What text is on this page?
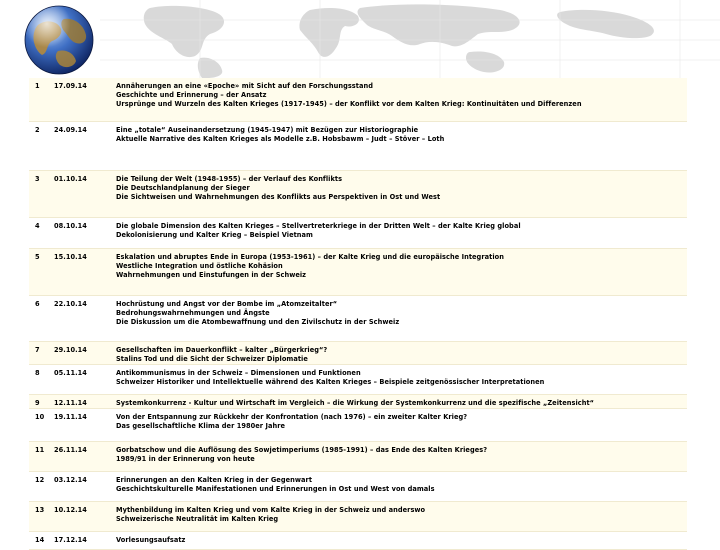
1	17.09.14	Annäherungen an eine «Epoche» mit Sicht auf den Forschungsstand
Geschichte und Erinnerung – der Ansatz
Ursprünge und Wurzeln des Kalten Krieges (1917-1945) – der Konflikt vor dem Kalten Krieg: Kontinuitäten und Differenzen

2	24.09.14	Eine „totale“ Auseinandersetzung (1945-1947) mit Bezügen zur Historiographie
Aktuelle Narrative des Kalten Krieges als Modelle z.B. Hobsbawm – Judt – Stöver – Loth

3	01.10.14	Die Teilung der Welt (1948-1955) – der Verlauf des Konflikts
Die Deutschlandplanung der Sieger
Die Sichtweisen und Wahrnehmungen des Konflikts aus Perspektiven in Ost und West

4	08.10.14	Die globale Dimension des Kalten Krieges – Stellvertreterkriege in der Dritten Welt – der Kalte Krieg global
Dekolonisierung und Kalter Krieg – Beispiel Vietnam

5	15.10.14	Eskalation und abruptes Ende in Europa (1953-1961) – der Kalte Krieg und die europäische Integration
Westliche Integration und östliche Kohäsion
Wahrnehmungen und Einstufungen in der Schweiz

6	22.10.14	Hochrüstung und Angst vor der Bombe im „Atomzeitalter“
Bedrohungswahrnehmungen und Ängste
Die Diskussion um die Atombewaffnung und den Zivilschutz in der Schweiz

7	29.10.14	Gesellschaften im Dauerkonflikt – kalter „Bürgerkrieg“?
Stalins Tod und die Sicht der Schweizer Diplomatie

8	05.11.14	Antikommunismus in der Schweiz – Dimensionen und Funktionen
Schweizer Historiker und Intellektuelle während des Kalten Krieges – Beispiele zeitgenössischer Interpretationen

9	12.11.14	Systemkonkurrenz - Kultur und Wirtschaft im Vergleich – die Wirkung der Systemkonkurrenz und die spezifische „Zeitensicht“

10	19.11.14	Von der Entspannung zur Rückkehr der Konfrontation (nach 1976) – ein zweiter Kalter Krieg?
Das gesellschaftliche Klima der 1980er Jahre

11	26.11.14	Gorbatschow und die Auflösung des Sowjetimperiums (1985-1991) – das Ende des Kalten Krieges?
1989/91 in der Erinnerung von heute

12	03.12.14	Erinnerungen an den Kalten Krieg in der Gegenwart
Geschichtskulturelle Manifestationen und Erinnerungen in Ost und West von damals

13	10.12.14	Mythenbildung im Kalten Krieg und vom Kalte Krieg in der Schweiz und anderswo
Schweizerische Neutralität im Kalten Krieg

14	17.12.14	Vorlesungsaufsatz
